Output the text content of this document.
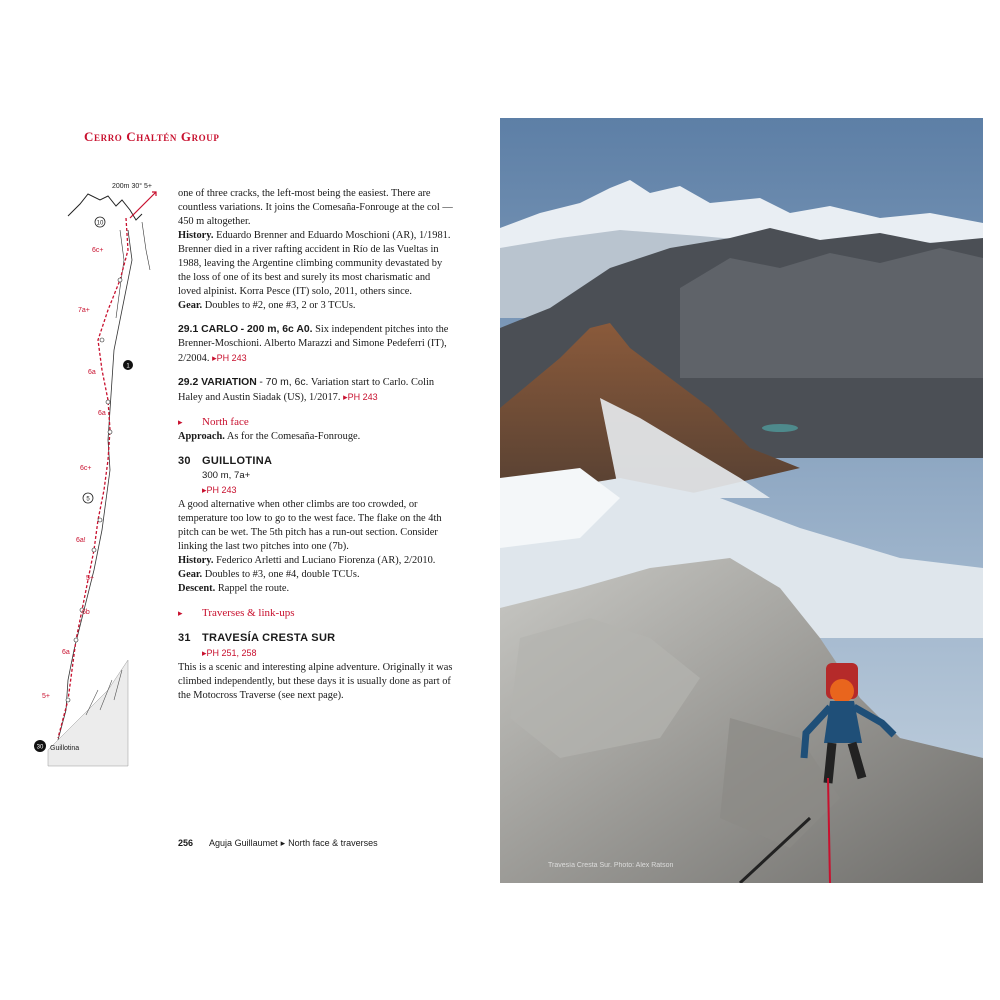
Cerro Chaltén Group
200m 30° 5+
10
1
5
30
6c+
7a+
6a
6a
6c+
6a!
5+
6b
6a
5+
Guillotina

one of three cracks, the left-most being the easiest. There are countless variations. It joins the Comesaña-Fonrouge at the col — 450 m altogether.

History. Eduardo Brenner and Eduardo Moschioni (AR), 1/1981. Brenner died in a river rafting accident in Río de las Vueltas in 1988, leaving the Argentine climbing community devastated by the loss of one of its best and surely its most charismatic and loved alpinist. Korra Pesce (IT) solo, 2011, others since.

Gear. Doubles to #2, one #3, 2 or 3 TCUs.

29.1 CARLO - 200 m, 6c A0. Six independent pitches into the Brenner-Moschioni. Alberto Marazzi and Simone Pedeferri (IT), 2/2004. ▸ PH 243

29.2 VARIATION - 70 m, 6c. Variation start to Carlo. Colin Haley and Austin Siadak (US), 1/2017. ▸ PH 243

▸ North face

Approach. As for the Comesaña-Fonrouge.

30 GUILLOTINA

300 m, 7a+

▸ PH 243

A good alternative when other climbs are too crowded, or temperature too low to go to the west face. The flake on the 4th pitch can be wet. The 5th pitch has a run-out section. Consider linking the last two pitches into one (7b).

History. Federico Arletti and Luciano Fiorenza (AR), 2/2010.

Gear. Doubles to #3, one #4, double TCUs.

Descent. Rappel the route.

▸ Traverses & link-ups

31 TRAVESÍA CRESTA SUR

▸ PH 251, 258

This is a scenic and interesting alpine adventure. Originally it was climbed independently, but these days it is usually done as part of the Motocross Traverse (see next page).

256 Aguja Guillaumet ▸ North face & traverses
Travesía Cresta Sur. Photo: Alex Ratson
